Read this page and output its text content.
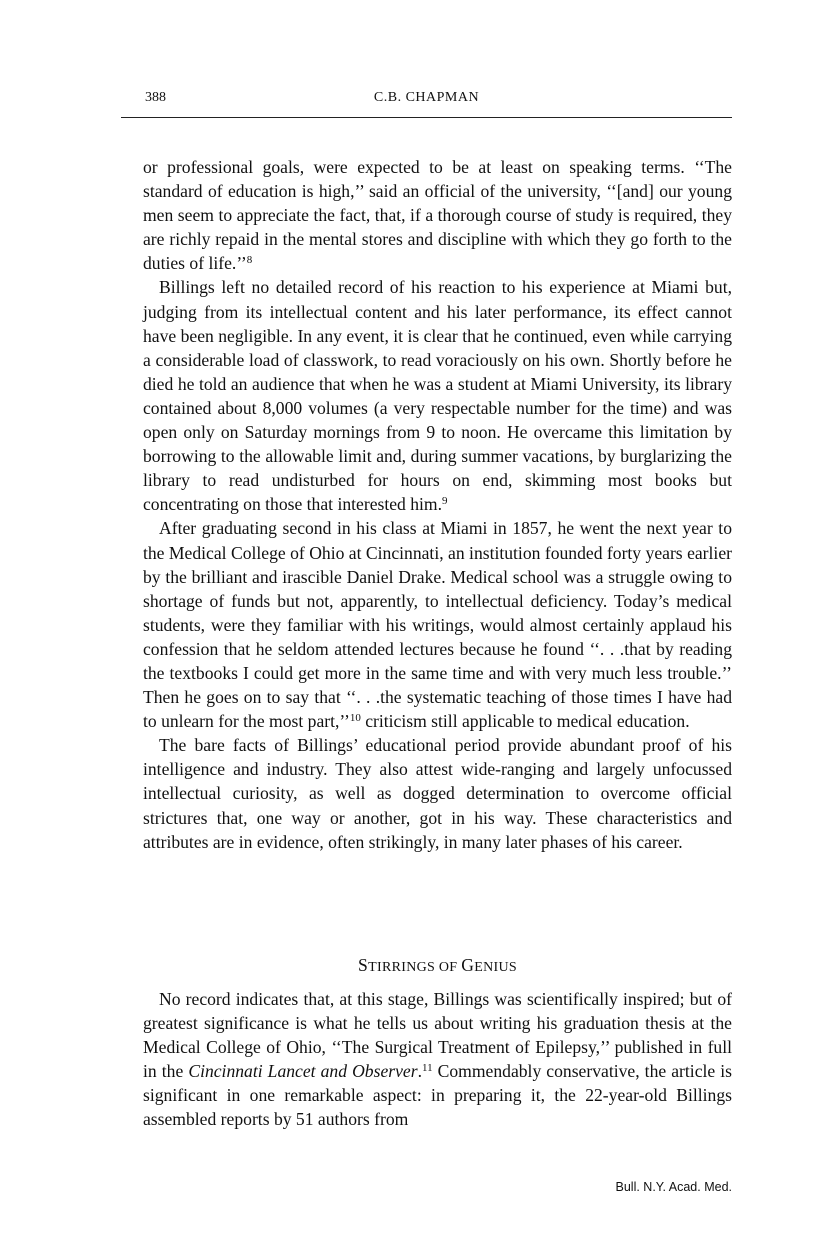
388	C.B. CHAPMAN

or professional goals, were expected to be at least on speaking terms. ‘‘The standard of education is high,’’ said an official of the university, ‘‘[and] our young men seem to appreciate the fact, that, if a thorough course of study is required, they are richly repaid in the mental stores and discipline with which they go forth to the duties of life.’’$^8$

Billings left no detailed record of his reaction to his experience at Miami but, judging from its intellectual content and his later performance, its effect cannot have been negligible. In any event, it is clear that he continued, even while carrying a considerable load of classwork, to read voraciously on his own. Shortly before he died he told an audience that when he was a student at Miami University, its library contained about 8,000 volumes (a very respectable number for the time) and was open only on Saturday mornings from 9 to noon. He overcame this limitation by borrowing to the allowable limit and, during summer vacations, by burglarizing the library to read undisturbed for hours on end, skimming most books but concentrating on those that interested him.$^9$

After graduating second in his class at Miami in 1857, he went the next year to the Medical College of Ohio at Cincinnati, an institution founded forty years earlier by the brilliant and irascible Daniel Drake. Medical school was a struggle owing to shortage of funds but not, apparently, to intellectual deficiency. Today’s medical students, were they familiar with his writings, would almost certainly applaud his confession that he seldom attended lectures because he found ‘‘. . .that by reading the textbooks I could get more in the same time and with very much less trouble.’’ Then he goes on to say that ‘‘. . .the systematic teaching of those times I have had to unlearn for the most part,’’$^{10}$ criticism still applicable to medical education.

The bare facts of Billings’ educational period provide abundant proof of his intelligence and industry. They also attest wide-ranging and largely unfocussed intellectual curiosity, as well as dogged determination to overcome official strictures that, one way or another, got in his way. These characteristics and attributes are in evidence, often strikingly, in many later phases of his career.

STIRRINGS OF GENIUS

No record indicates that, at this stage, Billings was scientifically inspired; but of greatest significance is what he tells us about writing his graduation thesis at the Medical College of Ohio, ‘‘The Surgical Treatment of Epilepsy,’’ published in full in the Cincinnati Lancet and Observer.$^{11}$ Commendably conservative, the article is significant in one remarkable aspect: in preparing it, the 22-year-old Billings assembled reports by 51 authors from

Bull. N.Y. Acad. Med.
